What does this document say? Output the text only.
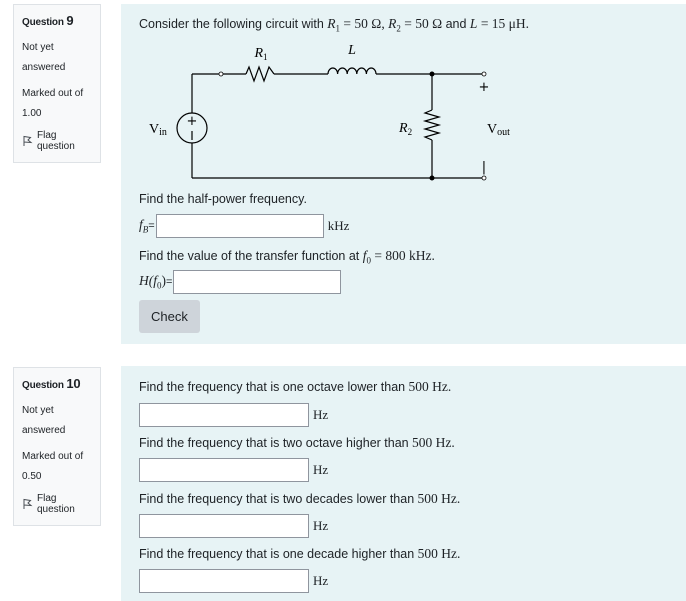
Question 9
Not yet answered
Marked out of 1.00
Flag question
Consider the following circuit with $R_1 = 50$ Ω, $R_2 = 50$ Ω and L = 15 μH.
+
$R_1$	L
Vin	$R_2$
+
|
Vout
Find the half-power frequency.
$f_B$ =	kHz
Find the value of the transfer function at $f_0 = 800$ kHz.
$H(f_0)$ =
Check
Question 10
Not yet answered
Marked out of 0.50
Flag question
Find the frequency that is one octave lower than 500 Hz.
Hz
Find the frequency that is two octave higher than 500 Hz.
Hz
Find the frequency that is two decades lower than 500 Hz.
Hz
Find the frequency that is one decade higher than 500 Hz.
Hz
